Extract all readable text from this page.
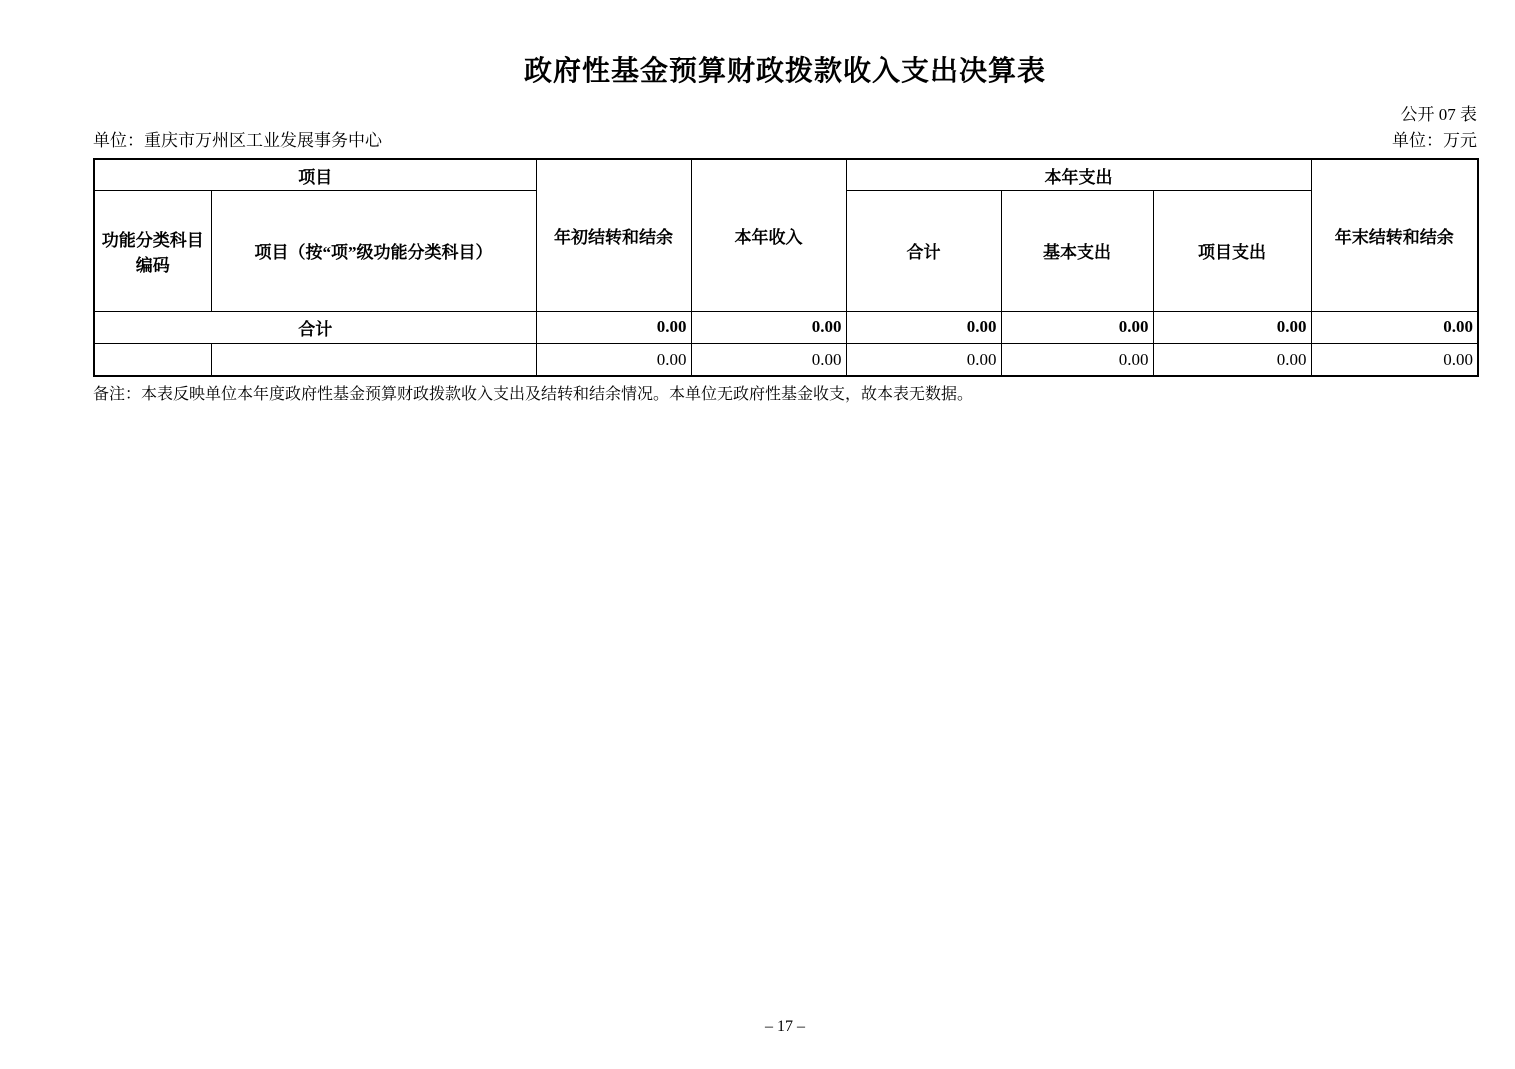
政府性基金预算财政拨款收入支出决算表
公开 07 表
单位：重庆市万州区工业发展事务中心	单位：万元
项目		年初结转和结余	本年收入	本年支出			年末结转和结余
功能分类科目编码	项目（按“项”级功能分类科目）			合计	基本支出	项目支出	
合计		0.00	0.00	0.00	0.00	0.00	0.00
		0.00	0.00	0.00	0.00	0.00	0.00
备注：本表反映单位本年度政府性基金预算财政拨款收入支出及结转和结余情况。本单位无政府性基金收支，故本表无数据。
– 17 –
